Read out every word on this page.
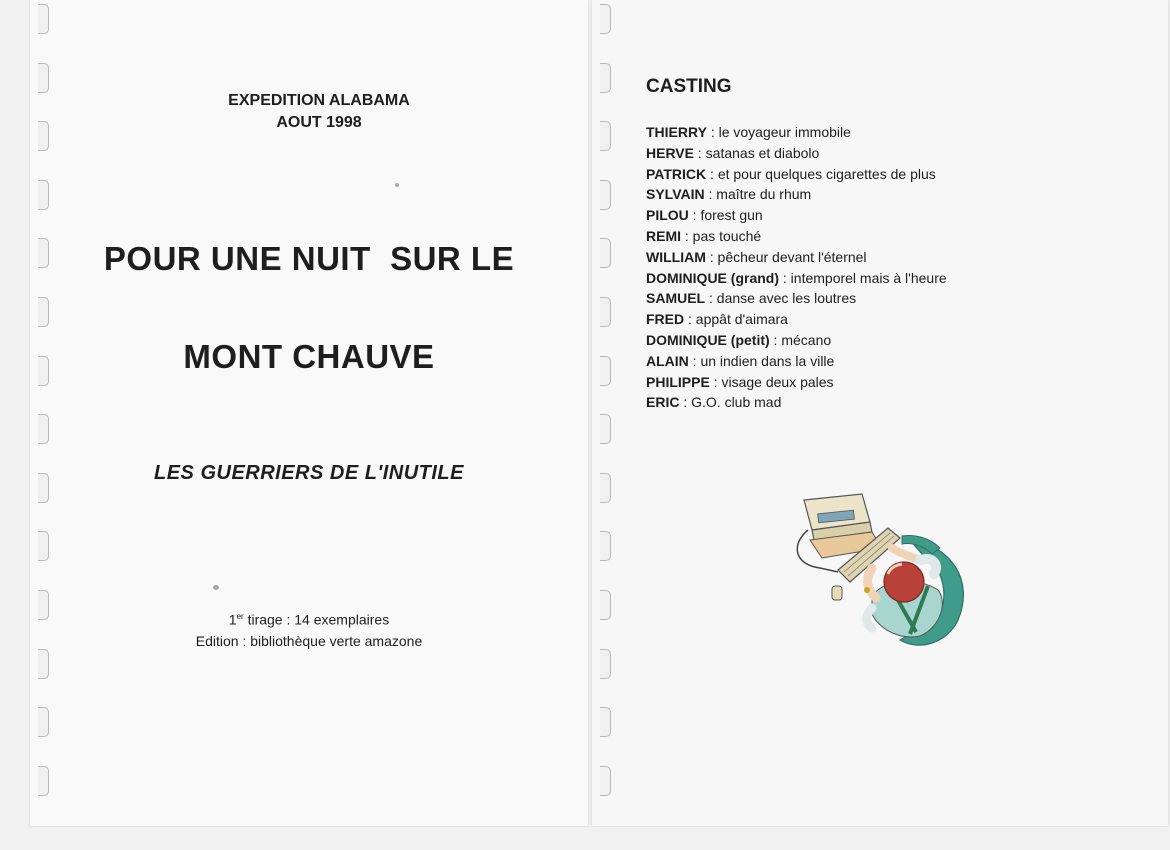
EXPEDITION ALABAMA
AOUT 1998
POUR UNE NUIT  SUR LE
MONT CHAUVE
LES GUERRIERS DE L'INUTILE
1er tirage : 14 exemplaires
Edition : bibliothèque verte amazone
CASTING
THIERRY : le voyageur immobile
HERVE : satanas et diabolo
PATRICK : et pour quelques cigarettes de plus
SYLVAIN : maître du rhum
PILOU : forest gun
REMI : pas touché
WILLIAM : pêcheur devant l'éternel
DOMINIQUE (grand) : intemporel mais à l'heure
SAMUEL : danse avec les loutres
FRED : appât d'aimara
DOMINIQUE (petit) : mécano
ALAIN : un indien dans la ville
PHILIPPE : visage deux pales
ERIC : G.O. club mad
